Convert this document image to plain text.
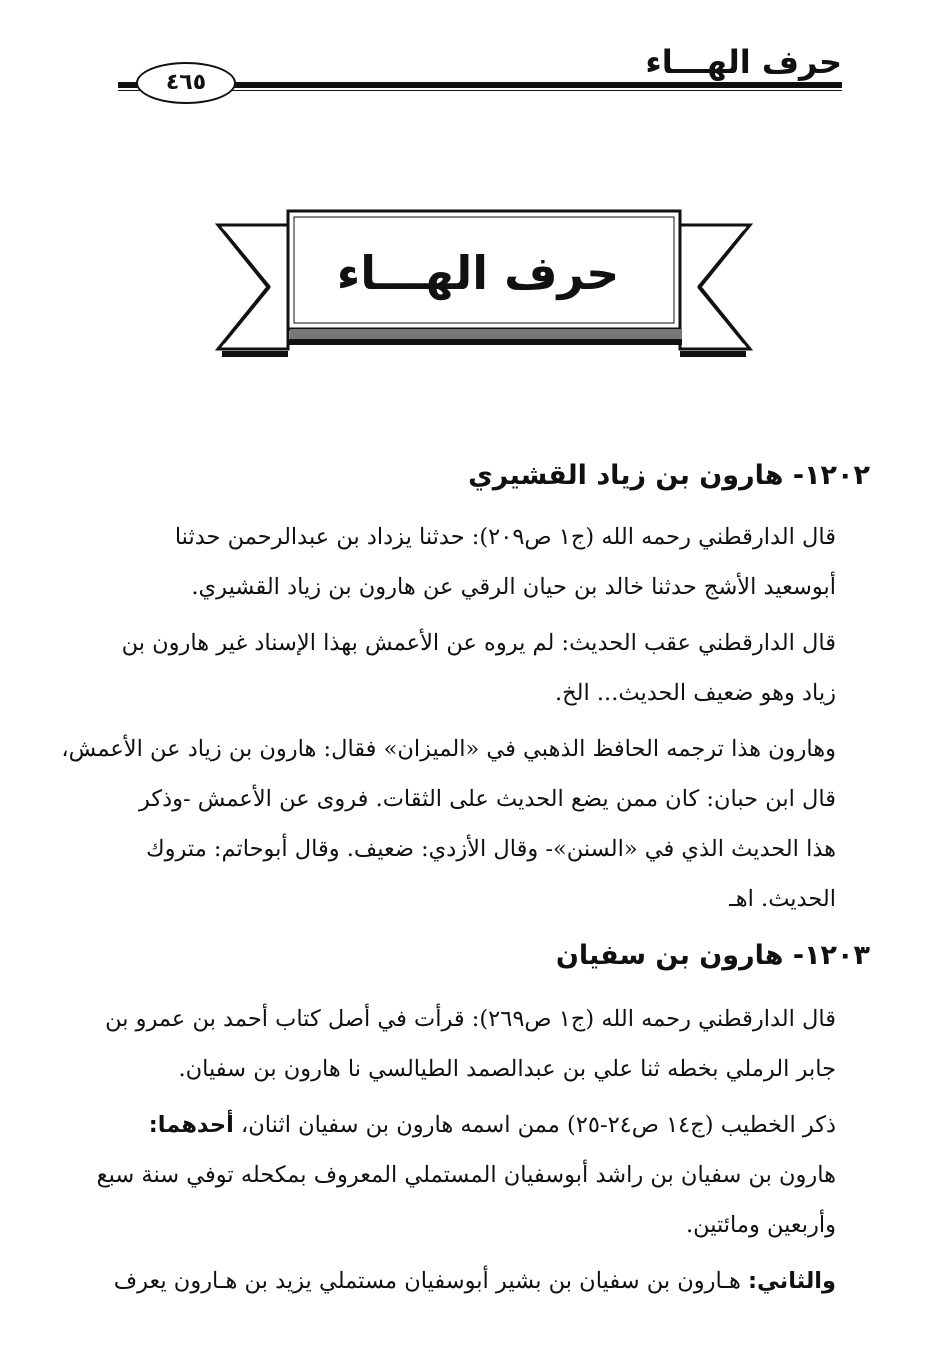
حرف الهـــاء
٤٦٥
حرف الهـــاء
١٢٠٢- هارون بن زياد القشيري
قال الدارقطني رحمه الله (ج١ ص٢٠٩): حدثنا يزداد بن عبدالرحمن حدثنا
أبوسعيد الأشج حدثنا خالد بن حيان الرقي عن هارون بن زياد القشيري.
قال الدارقطني عقب الحديث: لم يروه عن الأعمش بهذا الإسناد غير هارون بن
زياد وهو ضعيف الحديث... الخ.
وهارون هذا ترجمه الحافظ الذهبي في «الميزان» فقال: هارون بن زياد عن الأعمش،
قال ابن حبان: كان ممن يضع الحديث على الثقات. فروى عن الأعمش -وذكر
هذا الحديث الذي في «السنن»- وقال الأزدي: ضعيف. وقال أبوحاتم: متروك
الحديث. اهـ
١٢٠٣- هارون بن سفيان
قال الدارقطني رحمه الله (ج١ ص٢٦٩): قرأت في أصل كتاب أحمد بن عمرو بن
جابر الرملي بخطه ثنا علي بن عبدالصمد الطيالسي نا هارون بن سفيان.
ذكر الخطيب (ج١٤ ص٢٤-٢٥) ممن اسمه هارون بن سفيان اثنان، أحدهما:
هارون بن سفيان بن راشد أبوسفيان المستملي المعروف بمكحله توفي سنة سبع
وأربعين ومائتين.
والثاني: هـارون بن سفيان بن بشير أبوسفيان مستملي يزيد بن هـارون يعرف
